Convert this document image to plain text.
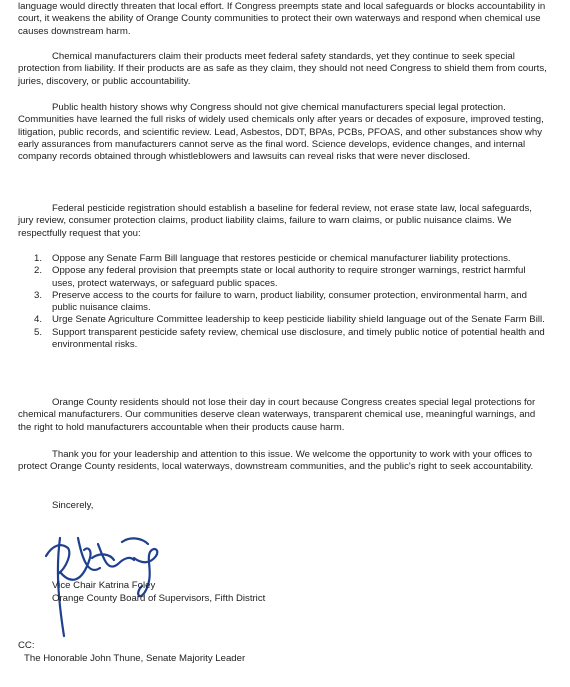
language would directly threaten that local effort. If Congress preempts state and local safeguards or blocks accountability in court, it weakens the ability of Orange County communities to protect their own waterways and respond when chemical use causes downstream harm.

Chemical manufacturers claim their products meet federal safety standards, yet they continue to seek special protection from liability. If their products are as safe as they claim, they should not need Congress to shield them from courts, juries, discovery, or public accountability.

Public health history shows why Congress should not give chemical manufacturers special legal protection. Communities have learned the full risks of widely used chemicals only after years or decades of exposure, improved testing, litigation, public records, and scientific review. Lead, Asbestos, DDT, BPAs, PCBs, PFOAS, and other substances show why early assurances from manufacturers cannot serve as the final word. Science develops, evidence changes, and internal company records obtained through whistleblowers and lawsuits can reveal risks that were never disclosed.

Federal pesticide registration should establish a baseline for federal review, not erase state law, local safeguards, jury review, consumer protection claims, product liability claims, failure to warn claims, or public nuisance claims. We respectfully request that you:

1. Oppose any Senate Farm Bill language that restores pesticide or chemical manufacturer liability protections.
2. Oppose any federal provision that preempts state or local authority to require stronger warnings, restrict harmful uses, protect waterways, or safeguard public spaces.
3. Preserve access to the courts for failure to warn, product liability, consumer protection, environmental harm, and public nuisance claims.
4. Urge Senate Agriculture Committee leadership to keep pesticide liability shield language out of the Senate Farm Bill.
5. Support transparent pesticide safety review, chemical use disclosure, and timely public notice of potential health and environmental risks.

Orange County residents should not lose their day in court because Congress creates special legal protections for chemical manufacturers. Our communities deserve clean waterways, transparent chemical use, meaningful warnings, and the right to hold manufacturers accountable when their products cause harm.

Thank you for your leadership and attention to this issue. We welcome the opportunity to work with your offices to protect Orange County residents, local waterways, downstream communities, and the public's right to seek accountability.

Sincerely,
Vice Chair Katrina Foley
Orange County Board of Supervisors, Fifth District
CC:
The Honorable John Thune, Senate Majority Leader
